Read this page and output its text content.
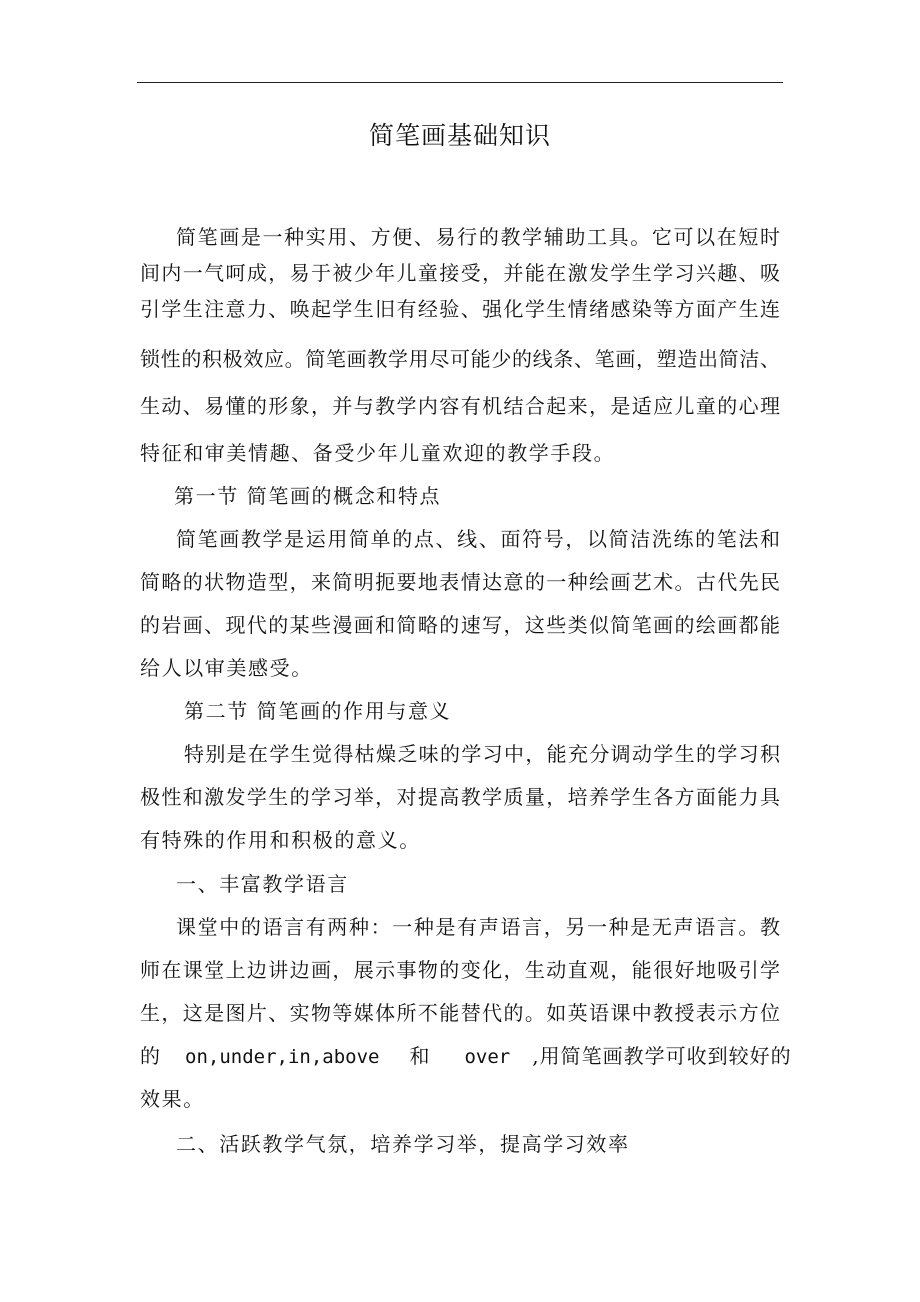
简笔画基础知识
简笔画是一种实用、方便、易行的教学辅助工具。它可以在短时
间内一气呵成，易于被少年儿童接受，并能在激发学生学习兴趣、吸
引学生注意力、唤起学生旧有经验、强化学生情绪感染等方面产生连
锁性的积极效应。简笔画教学用尽可能少的线条、笔画，塑造出简洁、
生动、易懂的形象，并与教学内容有机结合起来，是适应儿童的心理
特征和审美情趣、备受少年儿童欢迎的教学手段。
第一节 简笔画的概念和特点
简笔画教学是运用简单的点、线、面符号，以简洁洗练的笔法和
简略的状物造型，来简明扼要地表情达意的一种绘画艺术。古代先民
的岩画、现代的某些漫画和简略的速写，这些类似简笔画的绘画都能
给人以审美感受。
第二节 简笔画的作用与意义
特别是在学生觉得枯燥乏味的学习中，能充分调动学生的学习积
极性和激发学生的学习举，对提高教学质量，培养学生各方面能力具
有特殊的作用和积极的意义。
一、丰富教学语言
课堂中的语言有两种：一种是有声语言，另一种是无声语言。教
师在课堂上边讲边画，展示事物的变化，生动直观，能很好地吸引学
生，这是图片、实物等媒体所不能替代的。如英语课中教授表示方位
的 on,under,in,above 和 over ,用简笔画教学可收到较好的
效果。
二、活跃教学气氛，培养学习举，提高学习效率
